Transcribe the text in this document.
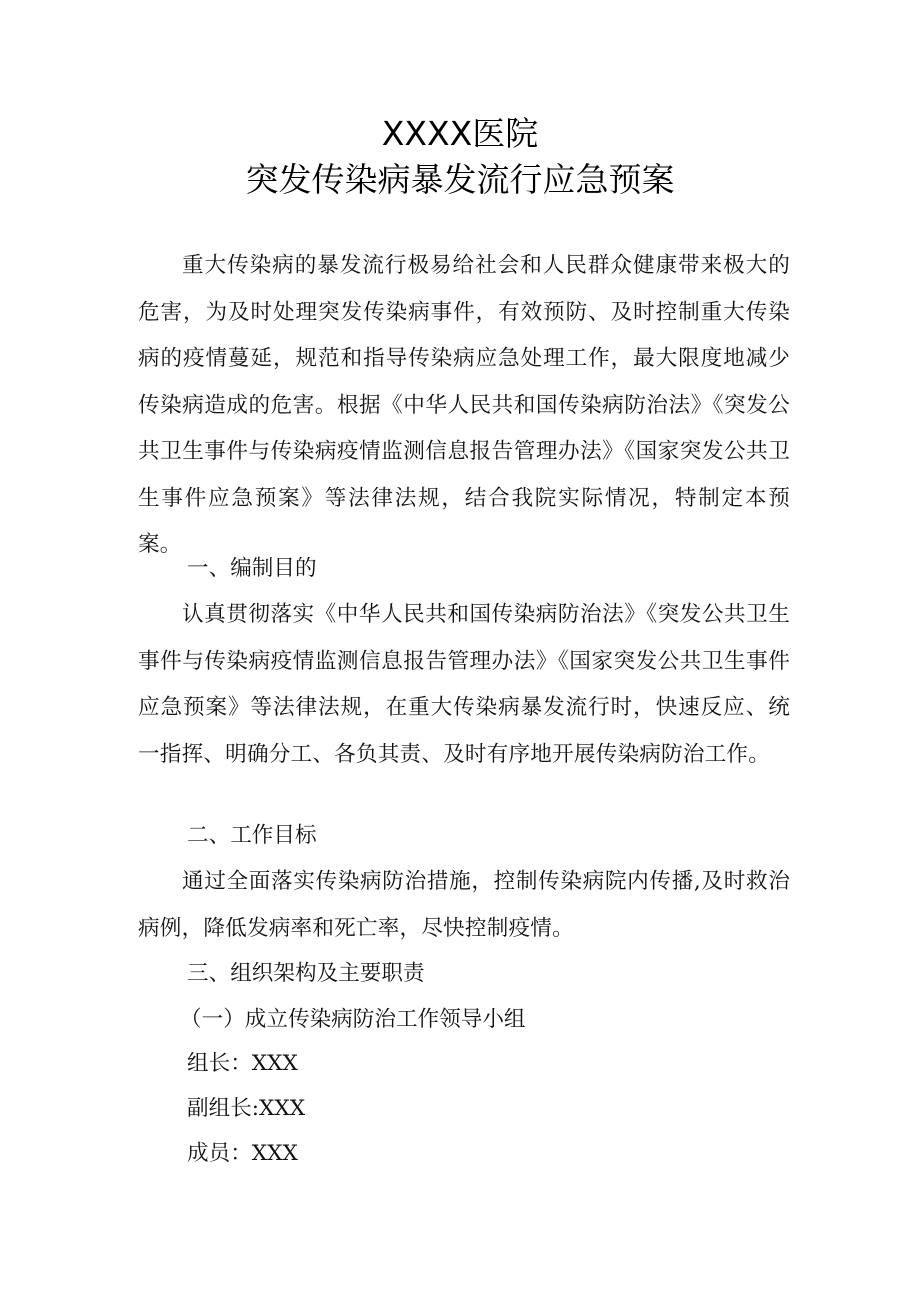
XXXX医院
突发传染病暴发流行应急预案

重大传染病的暴发流行极易给社会和人民群众健康带来极大的危害，为及时处理突发传染病事件，有效预防、及时控制重大传染病的疫情蔓延，规范和指导传染病应急处理工作，最大限度地减少传染病造成的危害。根据《中华人民共和国传染病防治法》《突发公共卫生事件与传染病疫情监测信息报告管理办法》《国家突发公共卫生事件应急预案》等法律法规，结合我院实际情况，特制定本预案。

一、编制目的

认真贯彻落实《中华人民共和国传染病防治法》《突发公共卫生事件与传染病疫情监测信息报告管理办法》《国家突发公共卫生事件应急预案》等法律法规，在重大传染病暴发流行时，快速反应、统一指挥、明确分工、各负其责、及时有序地开展传染病防治工作。

二、工作目标

通过全面落实传染病防治措施，控制传染病院内传播,及时救治病例，降低发病率和死亡率，尽快控制疫情。

三、组织架构及主要职责

（一）成立传染病防治工作领导小组

组长：XXX

副组长:XXX

成员：XXX
